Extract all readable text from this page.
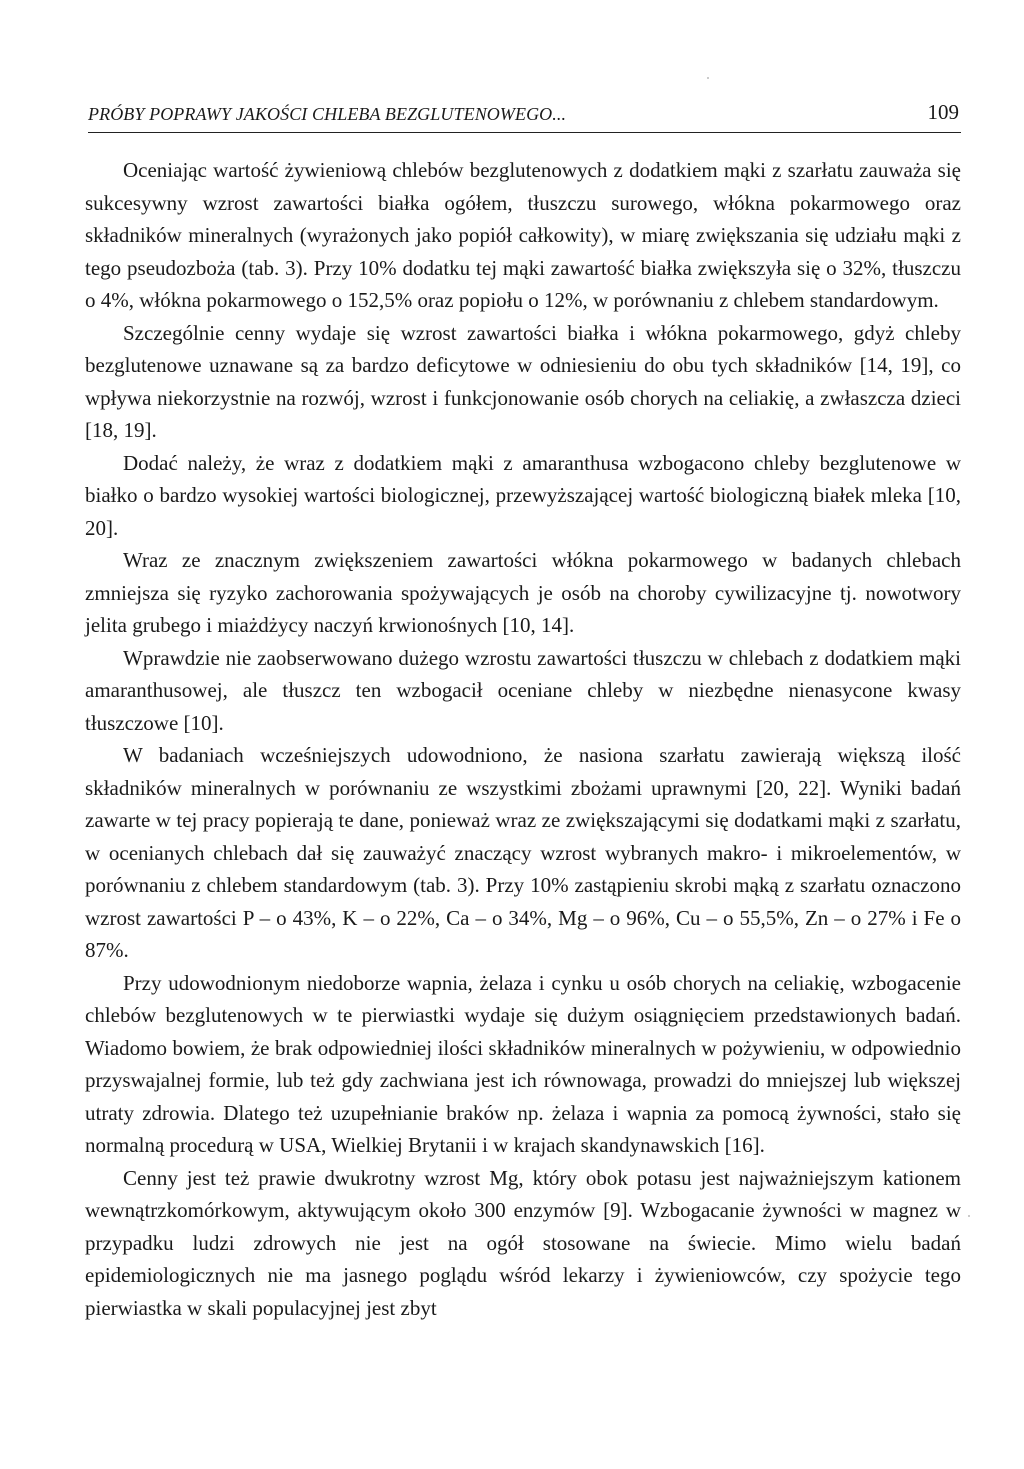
PRÓBY POPRAWY JAKOŚCI CHLEBA BEZGLUTENOWEGO...	109

Oceniając wartość żywieniową chlebów bezglutenowych z dodatkiem mąki z szarłatu zauważa się sukcesywny wzrost zawartości białka ogółem, tłuszczu surowego, włókna pokarmowego oraz składników mineralnych (wyrażonych jako popiół całkowity), w miarę zwiększania się udziału mąki z tego pseudozboża (tab. 3). Przy 10% dodatku tej mąki zawartość białka zwiększyła się o 32%, tłuszczu o 4%, włókna pokarmowego o 152,5% oraz popiołu o 12%, w porównaniu z chlebem standardowym.

Szczególnie cenny wydaje się wzrost zawartości białka i włókna pokarmowego, gdyż chleby bezglutenowe uznawane są za bardzo deficytowe w odniesieniu do obu tych składników [14, 19], co wpływa niekorzystnie na rozwój, wzrost i funkcjonowanie osób chorych na celiakię, a zwłaszcza dzieci [18, 19].

Dodać należy, że wraz z dodatkiem mąki z amaranthusa wzbogacono chleby bezglutenowe w białko o bardzo wysokiej wartości biologicznej, przewyższającej wartość biologiczną białek mleka [10, 20].

Wraz ze znacznym zwiększeniem zawartości włókna pokarmowego w badanych chlebach zmniejsza się ryzyko zachorowania spożywających je osób na choroby cywilizacyjne tj. nowotwory jelita grubego i miażdżycy naczyń krwionośnych [10, 14].

Wprawdzie nie zaobserwowano dużego wzrostu zawartości tłuszczu w chlebach z dodatkiem mąki amaranthusowej, ale tłuszcz ten wzbogacił oceniane chleby w niezbędne nienasycone kwasy tłuszczowe [10].

W badaniach wcześniejszych udowodniono, że nasiona szarłatu zawierają większą ilość składników mineralnych w porównaniu ze wszystkimi zbożami uprawnymi [20, 22]. Wyniki badań zawarte w tej pracy popierają te dane, ponieważ wraz ze zwiększającymi się dodatkami mąki z szarłatu, w ocenianych chlebach dał się zauważyć znaczący wzrost wybranych makro- i mikroelementów, w porównaniu z chlebem standardowym (tab. 3). Przy 10% zastąpieniu skrobi mąką z szarłatu oznaczono wzrost zawartości P – o 43%, K – o 22%, Ca – o 34%, Mg – o 96%, Cu – o 55,5%, Zn – o 27% i Fe o 87%.

Przy udowodnionym niedoborze wapnia, żelaza i cynku u osób chorych na celiakię, wzbogacenie chlebów bezglutenowych w te pierwiastki wydaje się dużym osiągnięciem przedstawionych badań. Wiadomo bowiem, że brak odpowiedniej ilości składników mineralnych w pożywieniu, w odpowiednio przyswajalnej formie, lub też gdy zachwiana jest ich równowaga, prowadzi do mniejszej lub większej utraty zdrowia. Dlatego też uzupełnianie braków np. żelaza i wapnia za pomocą żywności, stało się normalną procedurą w USA, Wielkiej Brytanii i w krajach skandynawskich [16].

Cenny jest też prawie dwukrotny wzrost Mg, który obok potasu jest najważniejszym kationem wewnątrzkomórkowym, aktywującym około 300 enzymów [9]. Wzbogacanie żywności w magnez w przypadku ludzi zdrowych nie jest na ogół stosowane na świecie. Mimo wielu badań epidemiologicznych nie ma jasnego poglądu wśród lekarzy i żywieniowców, czy spożycie tego pierwiastka w skali populacyjnej jest zbyt
